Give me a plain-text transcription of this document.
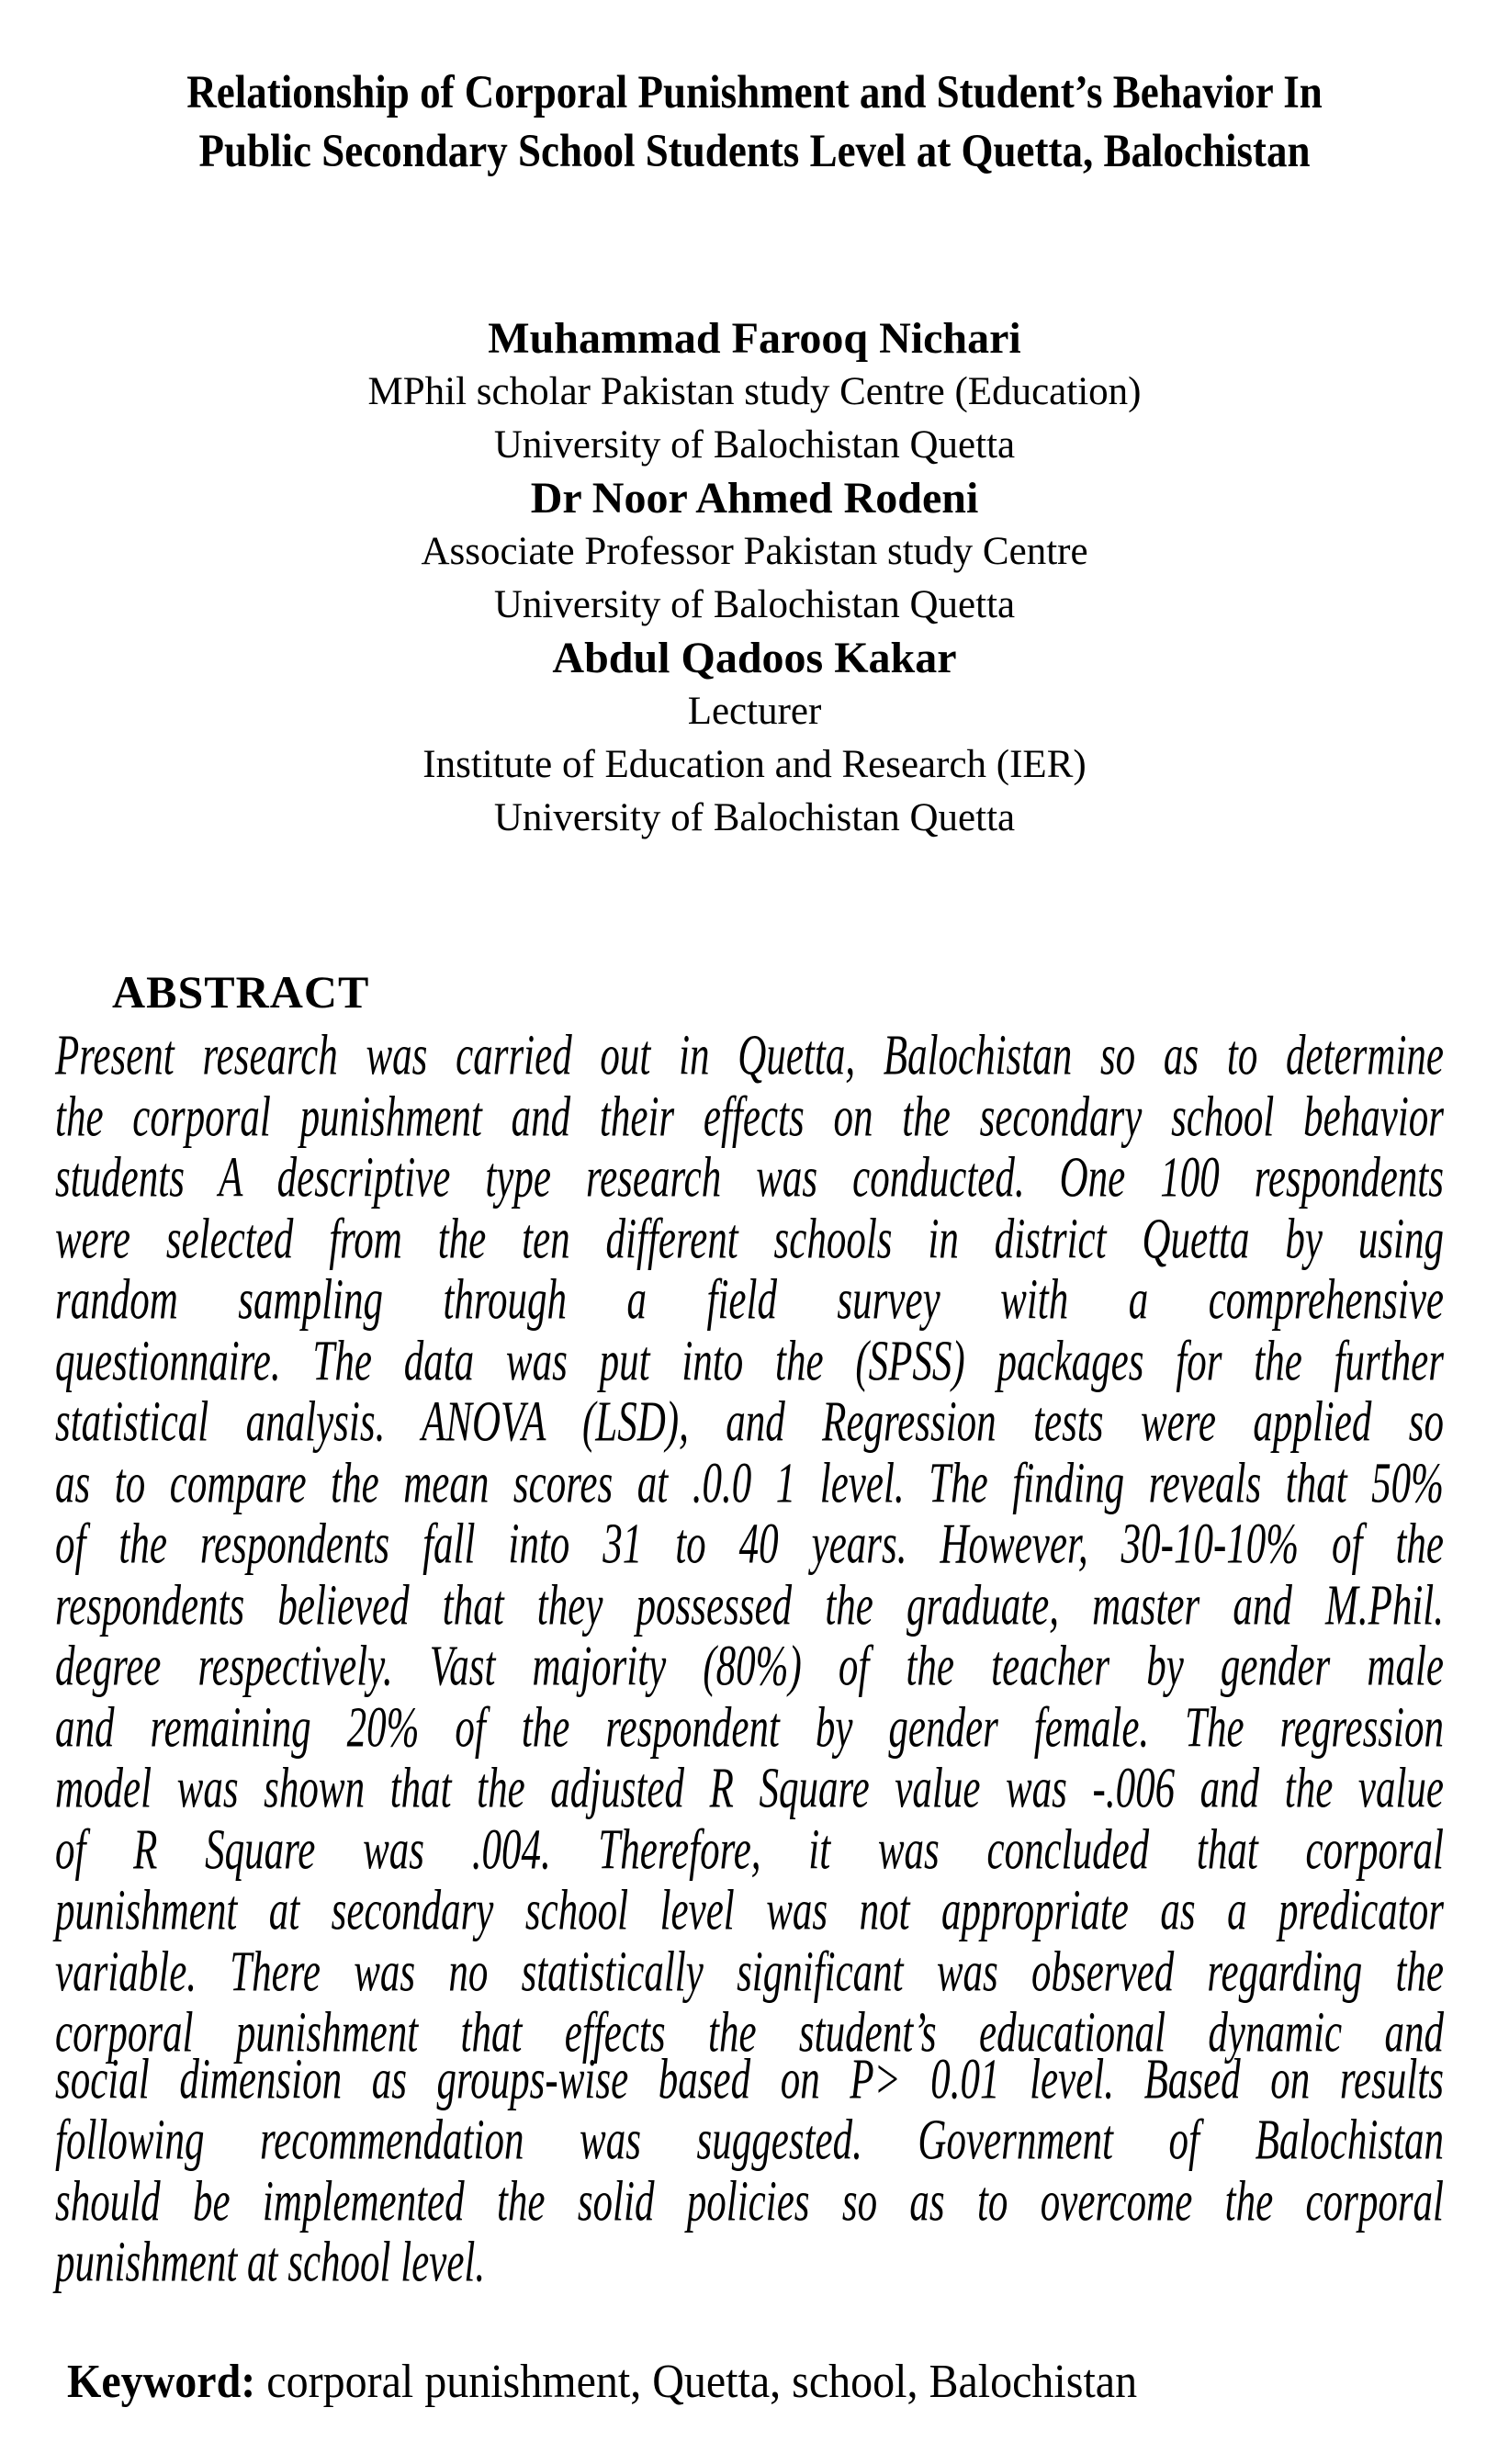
Relationship of Corporal Punishment and Student’s Behavior In
Public Secondary School Students Level at Quetta, Balochistan
Muhammad Farooq Nichari
MPhil scholar Pakistan study Centre (Education)
University of Balochistan Quetta
Dr Noor Ahmed Rodeni
Associate Professor Pakistan study Centre
University of Balochistan Quetta
Abdul Qadoos Kakar
Lecturer
Institute of Education and Research (IER)
University of Balochistan Quetta
ABSTRACT
Present research was carried out in Quetta, Balochistan so as to determine
the corporal punishment and their effects on the secondary school behavior
students A descriptive type research was conducted. One 100 respondents
were selected from the ten different schools in district Quetta by using
random sampling through a field survey with a comprehensive
questionnaire. The data was put into the (SPSS) packages for the further
statistical analysis. ANOVA (LSD), and Regression tests were applied so
as to compare the mean scores at .0.0 1 level. The finding reveals that 50%
of the respondents fall into 31 to 40 years. However, 30-10-10% of the
respondents believed that they possessed the graduate, master and M.Phil.
degree respectively. Vast majority (80%) of the teacher by gender male
and remaining 20% of the respondent by gender female. The regression
model was shown that the adjusted R Square value was -.006 and the value
of R Square was .004. Therefore, it was concluded that corporal
punishment at secondary school level was not appropriate as a predicator
variable. There was no statistically significant was observed regarding the
corporal punishment that effects the student’s educational dynamic and
social dimension as groups-wise based on P> 0.01 level. Based on results
following recommendation was suggested. Government of Balochistan
should be implemented the solid policies so as to overcome the corporal
punishment at school level.

Keyword: corporal punishment, Quetta, school, Balochistan
